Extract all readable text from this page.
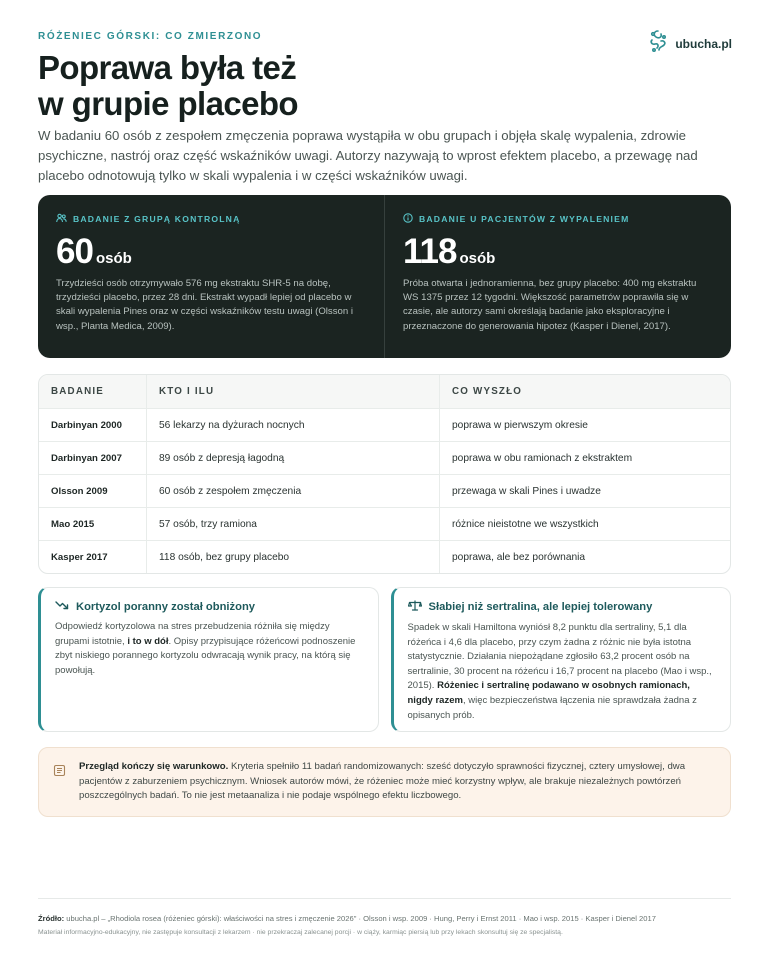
RÓŻENIEC GÓRSKI: CO ZMIERZONO	ubucha.pl
Poprawa była też
w grupie placebo

W badaniu 60 osób z zespołem zmęczenia poprawa wystąpiła w obu grupach i objęła skalę wypalenia, zdrowie psychiczne, nastrój oraz część wskaźników uwagi. Autorzy nazywają to wprost efektem placebo, a przewagę nad placebo odnotowują tylko w skali wypalenia i w części wskaźników uwagi.

BADANIE Z GRUPĄ KONTROLNĄ
60 osób

Trzydzieści osób otrzymywało 576 mg ekstraktu SHR-5 na dobę, trzydzieści placebo, przez 28 dni. Ekstrakt wypadł lepiej od placebo w skali wypalenia Pines oraz w części wskaźników testu uwagi (Olsson i wsp., Planta Medica, 2009).

BADANIE U PACJENTÓW Z WYPALENIEM
118 osób

Próba otwarta i jednoramienna, bez grupy placebo: 400 mg ekstraktu WS 1375 przez 12 tygodni. Większość parametrów poprawiła się w czasie, ale autorzy sami określają badanie jako eksploracyjne i przeznaczone do generowania hipotez (Kasper i Dienel, 2017).

BADANIE	KTO I ILU	CO WYSZŁO
Darbinyan 2000	56 lekarzy na dyżurach nocnych	poprawa w pierwszym okresie
Darbinyan 2007	89 osób z depresją łagodną	poprawa w obu ramionach z ekstraktem
Olsson 2009	60 osób z zespołem zmęczenia	przewaga w skali Pines i uwadze
Mao 2015	57 osób, trzy ramiona	różnice nieistotne we wszystkich
Kasper 2017	118 osób, bez grupy placebo	poprawa, ale bez porównania
Kortyzol poranny został obniżony

Odpowiedź kortyzolowa na stres przebudzenia różniła się między grupami istotnie, i to w dół. Opisy przypisujące różeńcowi podnoszenie zbyt niskiego porannego kortyzolu odwracają wynik pracy, na którą się powołują.

Słabiej niż sertralina, ale lepiej tolerowany

Spadek w skali Hamiltona wyniósł 8,2 punktu dla sertraliny, 5,1 dla różeńca i 4,6 dla placebo, przy czym żadna z różnic nie była istotna statystycznie. Działania niepożądane zgłosiło 63,2 procent osób na sertralinie, 30 procent na różeńcu i 16,7 procent na placebo (Mao i wsp., 2015). Różeniec i sertralinę podawano w osobnych ramionach, nigdy razem, więc bezpieczeństwa łączenia nie sprawdzała żadna z opisanych prób.

Przegląd kończy się warunkowo. Kryteria spełniło 11 badań randomizowanych: sześć dotyczyło sprawności fizycznej, cztery umysłowej, dwa pacjentów z zaburzeniem psychicznym. Wniosek autorów mówi, że różeniec może mieć korzystny wpływ, ale brakuje niezależnych powtórzeń poszczególnych badań. To nie jest metaanaliza i nie podaje wspólnego efektu liczbowego.

Źródło: ubucha.pl – „Rhodiola rosea (różeniec górski): właściwości na stres i zmęczenie 2026" · Olsson i wsp. 2009 · Hung, Perry i Ernst 2011 · Mao i wsp. 2015 · Kasper i Dienel 2017

Materiał informacyjno-edukacyjny, nie zastępuje konsultacji z lekarzem · nie przekraczaj zalecanej porcji · w ciąży, karmiąc piersią lub przy lekach skonsultuj się ze specjalistą.
